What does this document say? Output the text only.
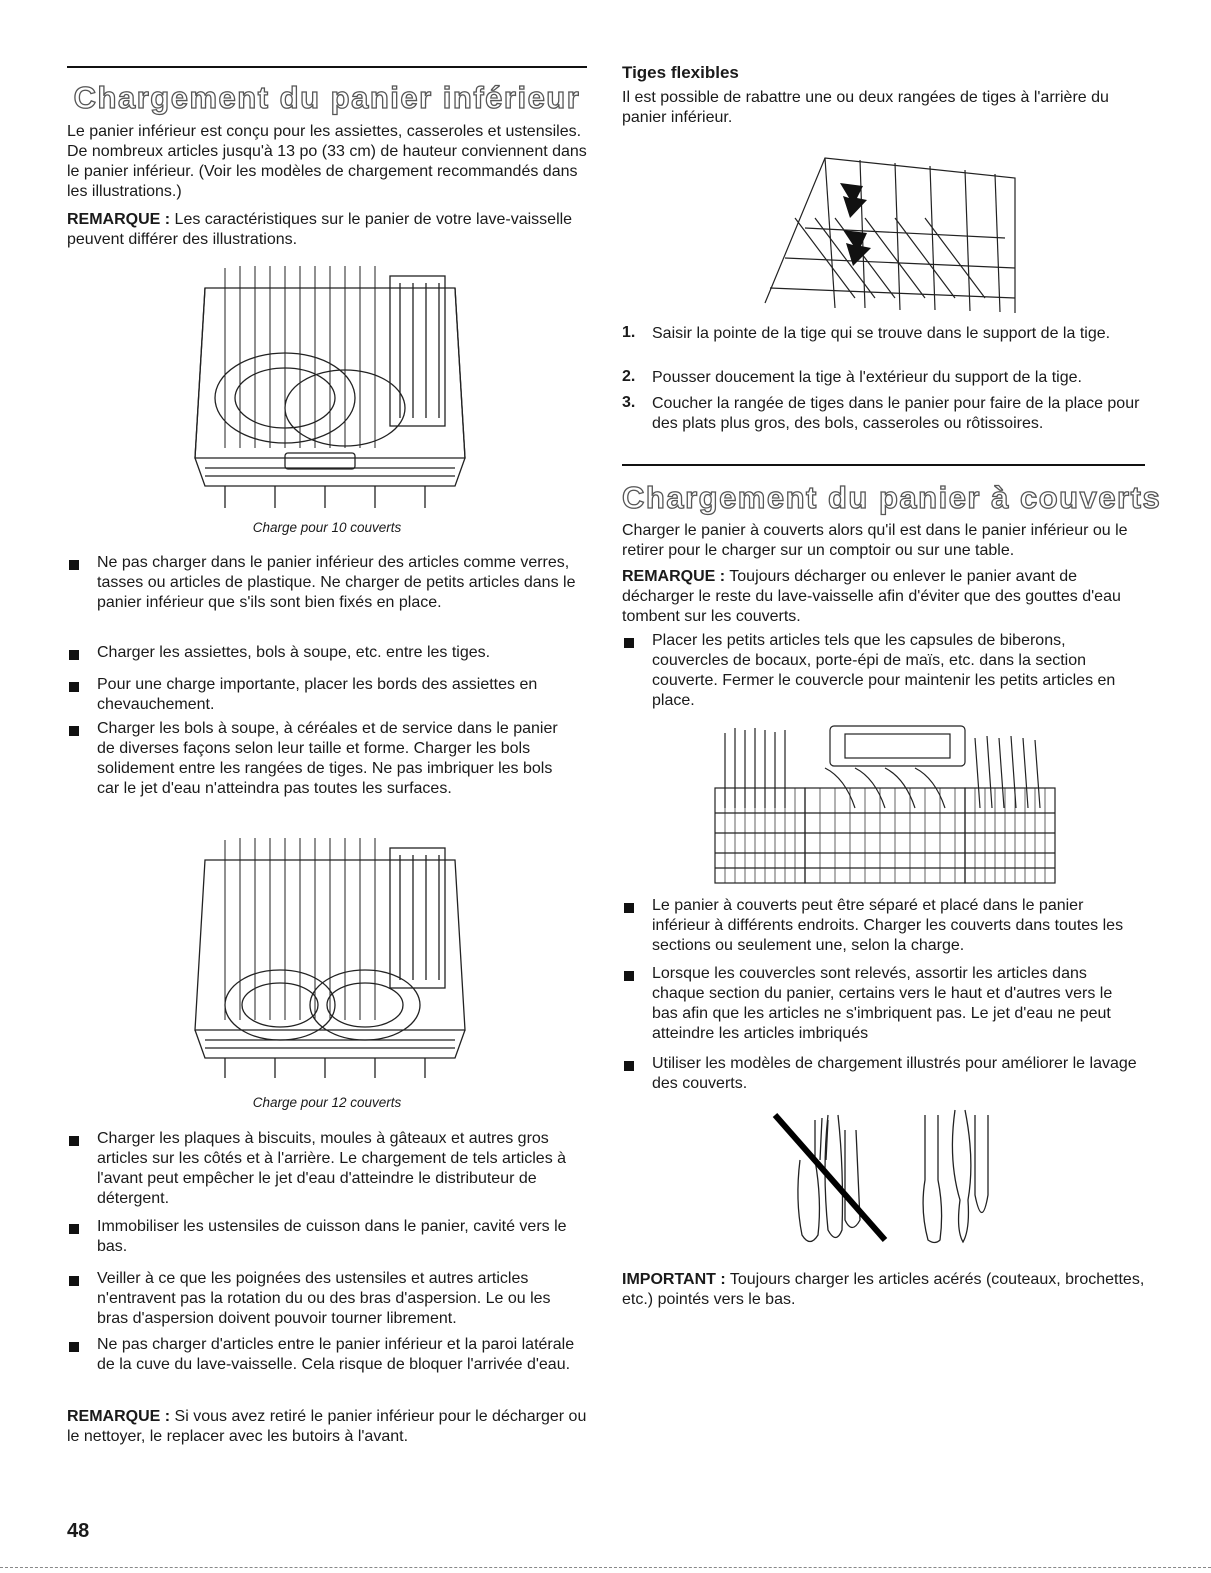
Chargement du panier inférieur

Le panier inférieur est conçu pour les assiettes, casseroles et ustensiles. De nombreux articles jusqu'à 13 po (33 cm) de hauteur conviennent dans le panier inférieur. (Voir les modèles de chargement recommandés dans les illustrations.)

REMARQUE : Les caractéristiques sur le panier de votre lave-vaisselle peuvent différer des illustrations.

Charge pour 10 couverts

Ne pas charger dans le panier inférieur des articles comme verres, tasses ou articles de plastique. Ne charger de petits articles dans le panier inférieur que s'ils sont bien fixés en place.

Charger les assiettes, bols à soupe, etc. entre les tiges.

Pour une charge importante, placer les bords des assiettes en chevauchement.

Charger les bols à soupe, à céréales et de service dans le panier de diverses façons selon leur taille et forme. Charger les bols solidement entre les rangées de tiges. Ne pas imbriquer les bols car le jet d'eau n'atteindra pas toutes les surfaces.

Charge pour 12 couverts

Charger les plaques à biscuits, moules à gâteaux et autres gros articles sur les côtés et à l'arrière. Le chargement de tels articles à l'avant peut empêcher le jet d'eau d'atteindre le distributeur de détergent.

Immobiliser les ustensiles de cuisson dans le panier, cavité vers le bas.

Veiller à ce que les poignées des ustensiles et autres articles n'entravent pas la rotation du ou des bras d'aspersion. Le ou les bras d'aspersion doivent pouvoir tourner librement.

Ne pas charger d'articles entre le panier inférieur et la paroi latérale de la cuve du lave-vaisselle. Cela risque de bloquer l'arrivée d'eau.

REMARQUE : Si vous avez retiré le panier inférieur pour le décharger ou le nettoyer, le replacer avec les butoirs à l'avant.

48
Tiges flexibles

Il est possible de rabattre une ou deux rangées de tiges à l'arrière du panier inférieur.

1. Saisir la pointe de la tige qui se trouve dans le support de la tige.

2. Pousser doucement la tige à l'extérieur du support de la tige.

3. Coucher la rangée de tiges dans le panier pour faire de la place pour des plats plus gros, des bols, casseroles ou rôtissoires.

Chargement du panier à couverts

Charger le panier à couverts alors qu'il est dans le panier inférieur ou le retirer pour le charger sur un comptoir ou sur une table.

REMARQUE : Toujours décharger ou enlever le panier avant de décharger le reste du lave-vaisselle afin d'éviter que des gouttes d'eau tombent sur les couverts.

Placer les petits articles tels que les capsules de biberons, couvercles de bocaux, porte-épi de maïs, etc. dans la section couverte. Fermer le couvercle pour maintenir les petits articles en place.

Le panier à couverts peut être séparé et placé dans le panier inférieur à différents endroits. Charger les couverts dans toutes les sections ou seulement une, selon la charge.

Lorsque les couvercles sont relevés, assortir les articles dans chaque section du panier, certains vers le haut et d'autres vers le bas afin que les articles ne s'imbriquent pas. Le jet d'eau ne peut atteindre les articles imbriqués

Utiliser les modèles de chargement illustrés pour améliorer le lavage des couverts.

IMPORTANT : Toujours charger les articles acérés (couteaux, brochettes, etc.) pointés vers le bas.
